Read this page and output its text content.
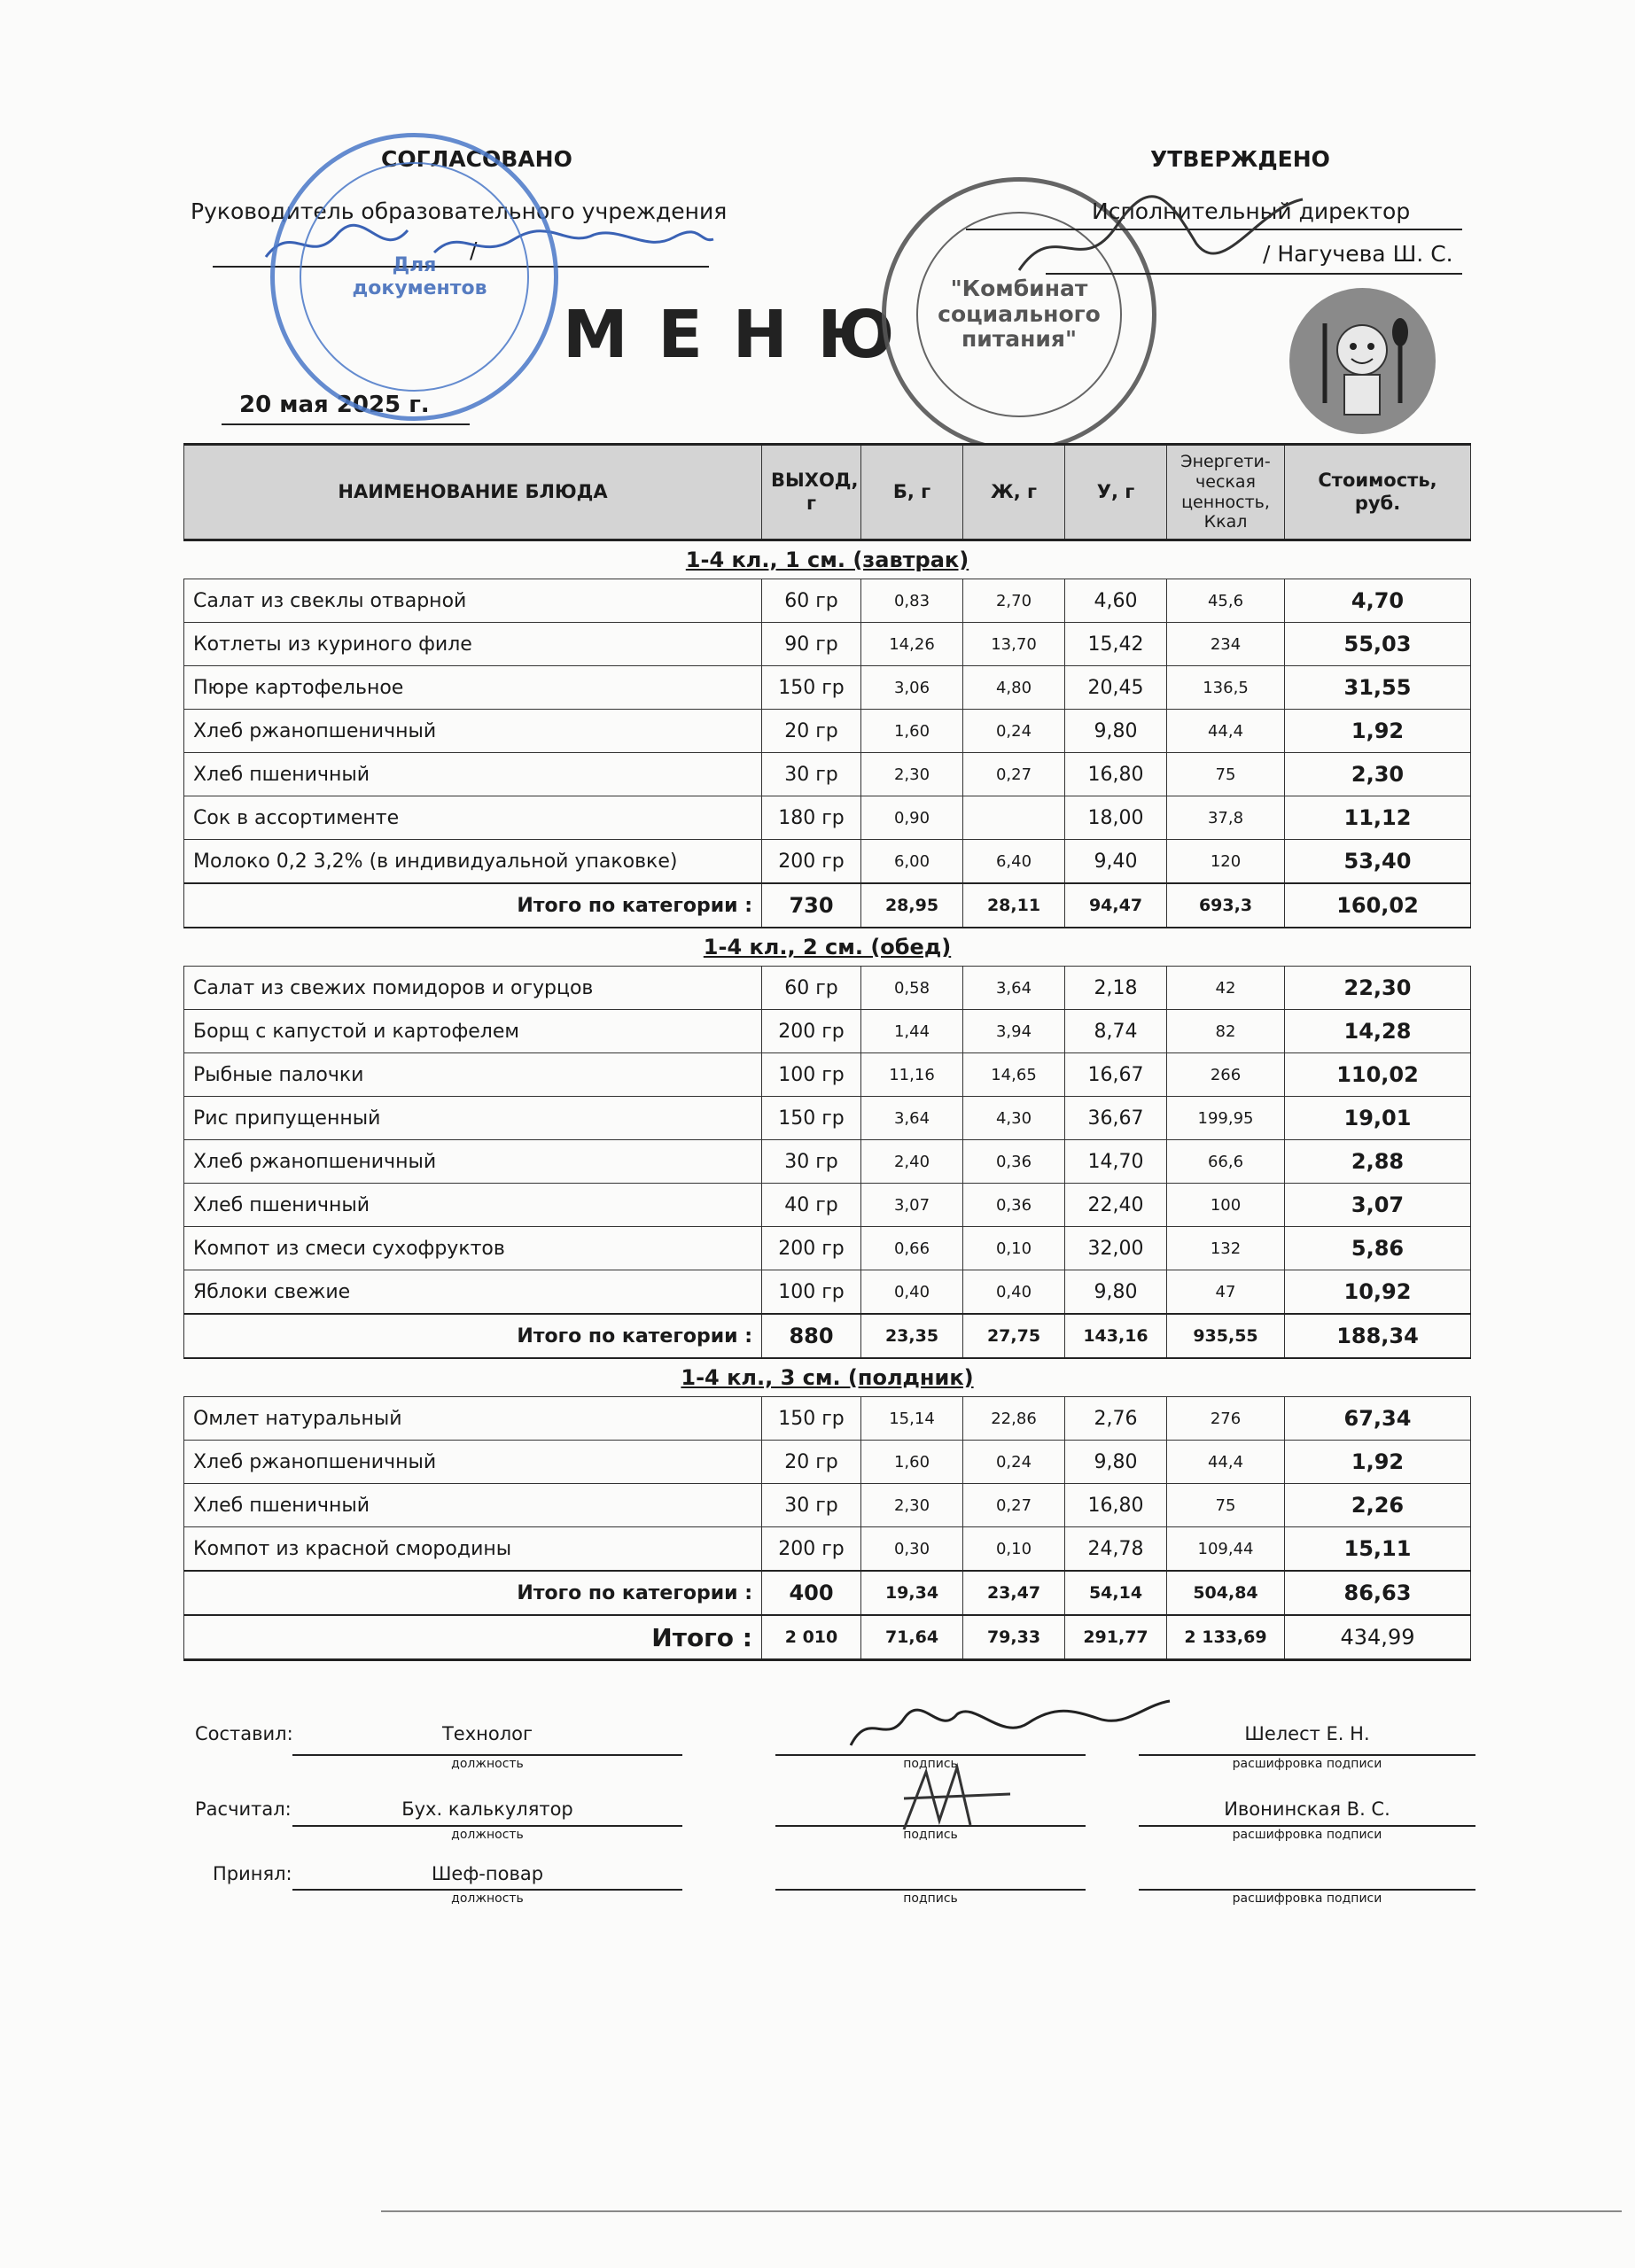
СОГЛАСОВАНО
Руководитель образовательного учреждения
/
20 мая 2025 г.
Для документов
М Е Н Ю
"Комбинат
социального
питания"
УТВЕРЖДЕНО
Исполнительный директор
/ Нагучева Ш. С.
НАИМЕНОВАНИЕ БЛЮДА	ВЫХОД, г	Б, г	Ж, г	У, г	Энергети-ческая ценность, Ккал	Стоимость, руб.
1-4 кл., 1 см. (завтрак)						
Салат из свеклы отварной	60 гр	0,83	2,70	4,60	45,6	4,70
Котлеты из куриного филе	90 гр	14,26	13,70	15,42	234	55,03
Пюре картофельное	150 гр	3,06	4,80	20,45	136,5	31,55
Хлеб ржанопшеничный	20 гр	1,60	0,24	9,80	44,4	1,92
Хлеб пшеничный	30 гр	2,30	0,27	16,80	75	2,30
Сок в ассортименте	180 гр	0,90		18,00	37,8	11,12
Молоко 0,2 3,2% (в индивидуальной упаковке)	200 гр	6,00	6,40	9,40	120	53,40
Итого по категории :	730	28,95	28,11	94,47	693,3	160,02
1-4 кл., 2 см. (обед)						
Салат из свежих помидоров и огурцов	60 гр	0,58	3,64	2,18	42	22,30
Борщ с капустой и картофелем	200 гр	1,44	3,94	8,74	82	14,28
Рыбные палочки	100 гр	11,16	14,65	16,67	266	110,02
Рис припущенный	150 гр	3,64	4,30	36,67	199,95	19,01
Хлеб ржанопшеничный	30 гр	2,40	0,36	14,70	66,6	2,88
Хлеб пшеничный	40 гр	3,07	0,36	22,40	100	3,07
Компот из смеси сухофруктов	200 гр	0,66	0,10	32,00	132	5,86
Яблоки свежие	100 гр	0,40	0,40	9,80	47	10,92
Итого по категории :	880	23,35	27,75	143,16	935,55	188,34
1-4 кл., 3 см. (полдник)						
Омлет натуральный	150 гр	15,14	22,86	2,76	276	67,34
Хлеб ржанопшеничный	20 гр	1,60	0,24	9,80	44,4	1,92
Хлеб пшеничный	30 гр	2,30	0,27	16,80	75	2,26
Компот из красной смородины	200 гр	0,30	0,10	24,78	109,44	15,11
Итого по категории :	400	19,34	23,47	54,14	504,84	86,63
Итого :	2 010	71,64	79,33	291,77	2 133,69	434,99
Составил:	Технолог
должность	подпись
Шелест Е. Н.
расшифровка подписи
Расчитал:	Бух. калькулятор
должность	подпись
Ивонинская В. С.
расшифровка подписи
Принял:	Шеф-повар
должность	подпись	расшифровка подписи
